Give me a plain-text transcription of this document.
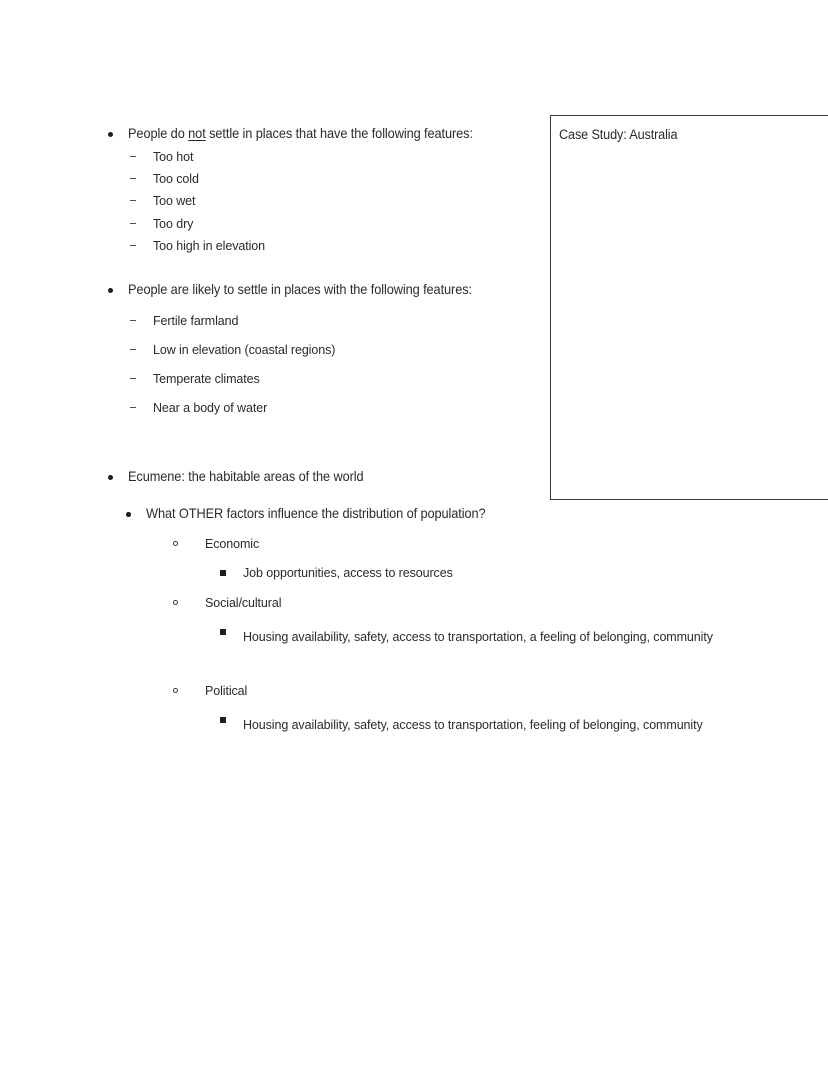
Case Study: Australia
People do not settle in places that have the following features:
Too hot
Too cold
Too wet
Too dry
Too high in elevation
People are likely to settle in places with the following features:
Fertile farmland
Low in elevation (coastal regions)
Temperate climates
Near a body of water
Ecumene: the habitable areas of the world
What OTHER factors influence the distribution of population?
Economic
Job opportunities, access to resources
Social/cultural
Housing availability, safety, access to transportation, a feeling of belonging, community
Political
Housing availability, safety, access to transportation, feeling of belonging, community
